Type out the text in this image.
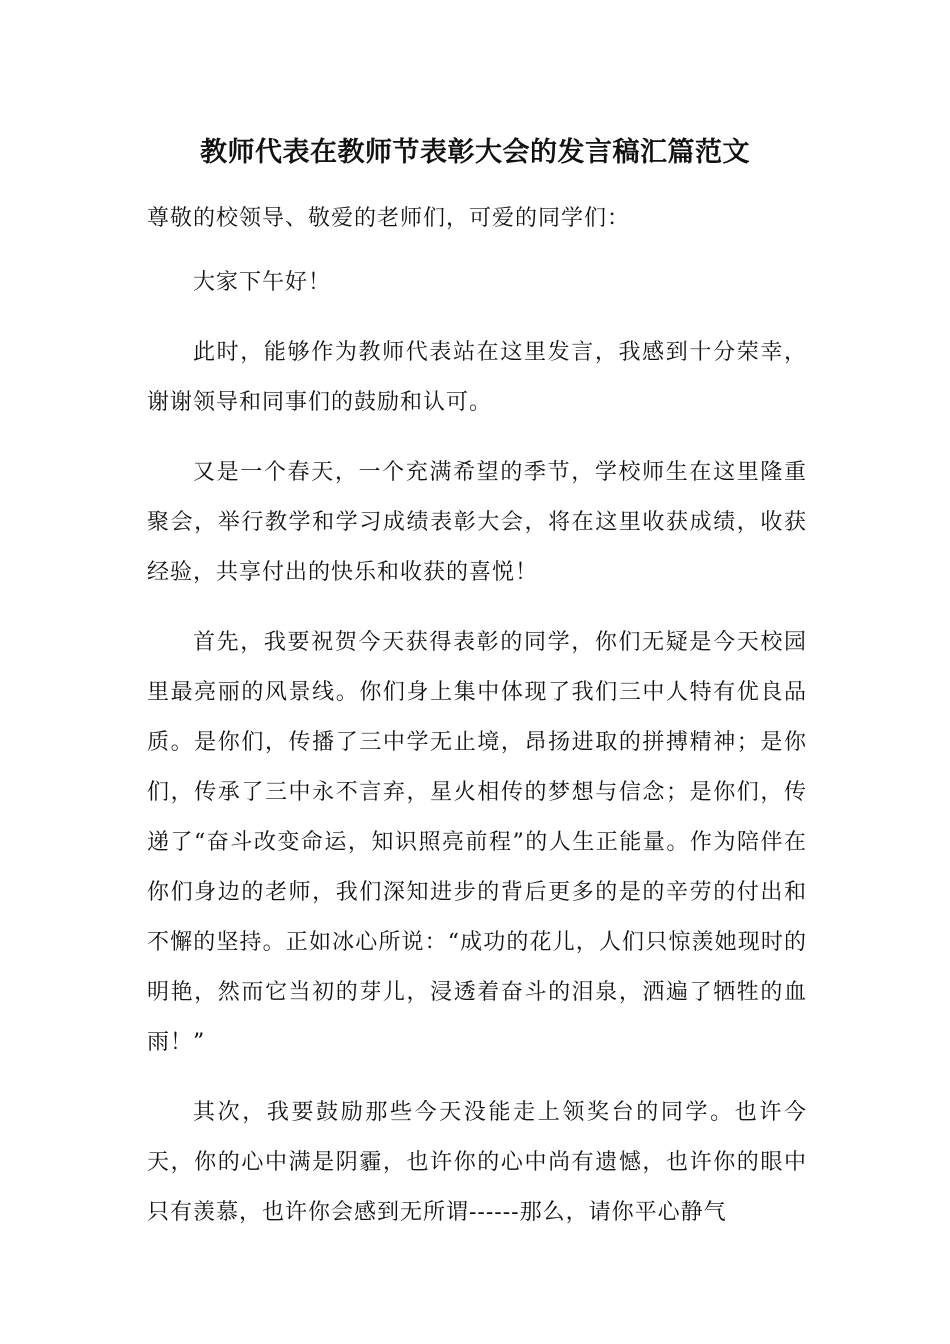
教师代表在教师节表彰大会的发言稿汇篇范文

尊敬的校领导、敬爱的老师们，可爱的同学们：

大家下午好！

此时，能够作为教师代表站在这里发言，我感到十分荣幸，谢谢领导和同事们的鼓励和认可。

又是一个春天，一个充满希望的季节，学校师生在这里隆重聚会，举行教学和学习成绩表彰大会，将在这里收获成绩，收获经验，共享付出的快乐和收获的喜悦！

首先，我要祝贺今天获得表彰的同学，你们无疑是今天校园里最亮丽的风景线。你们身上集中体现了我们三中人特有优良品质。是你们，传播了三中学无止境，昂扬进取的拼搏精神；是你们，传承了三中永不言弃，星火相传的梦想与信念；是你们，传递了“奋斗改变命运，知识照亮前程”的人生正能量。作为陪伴在你们身边的老师，我们深知进步的背后更多的是的辛劳的付出和不懈的坚持。正如冰心所说：“成功的花儿，人们只惊羡她现时的明艳，然而它当初的芽儿，浸透着奋斗的泪泉，洒遍了牺牲的血雨！”

其次，我要鼓励那些今天没能走上领奖台的同学。也许今天，你的心中满是阴霾，也许你的心中尚有遗憾，也许你的眼中只有羡慕，也许你会感到无所谓------那么，请你平心静气
